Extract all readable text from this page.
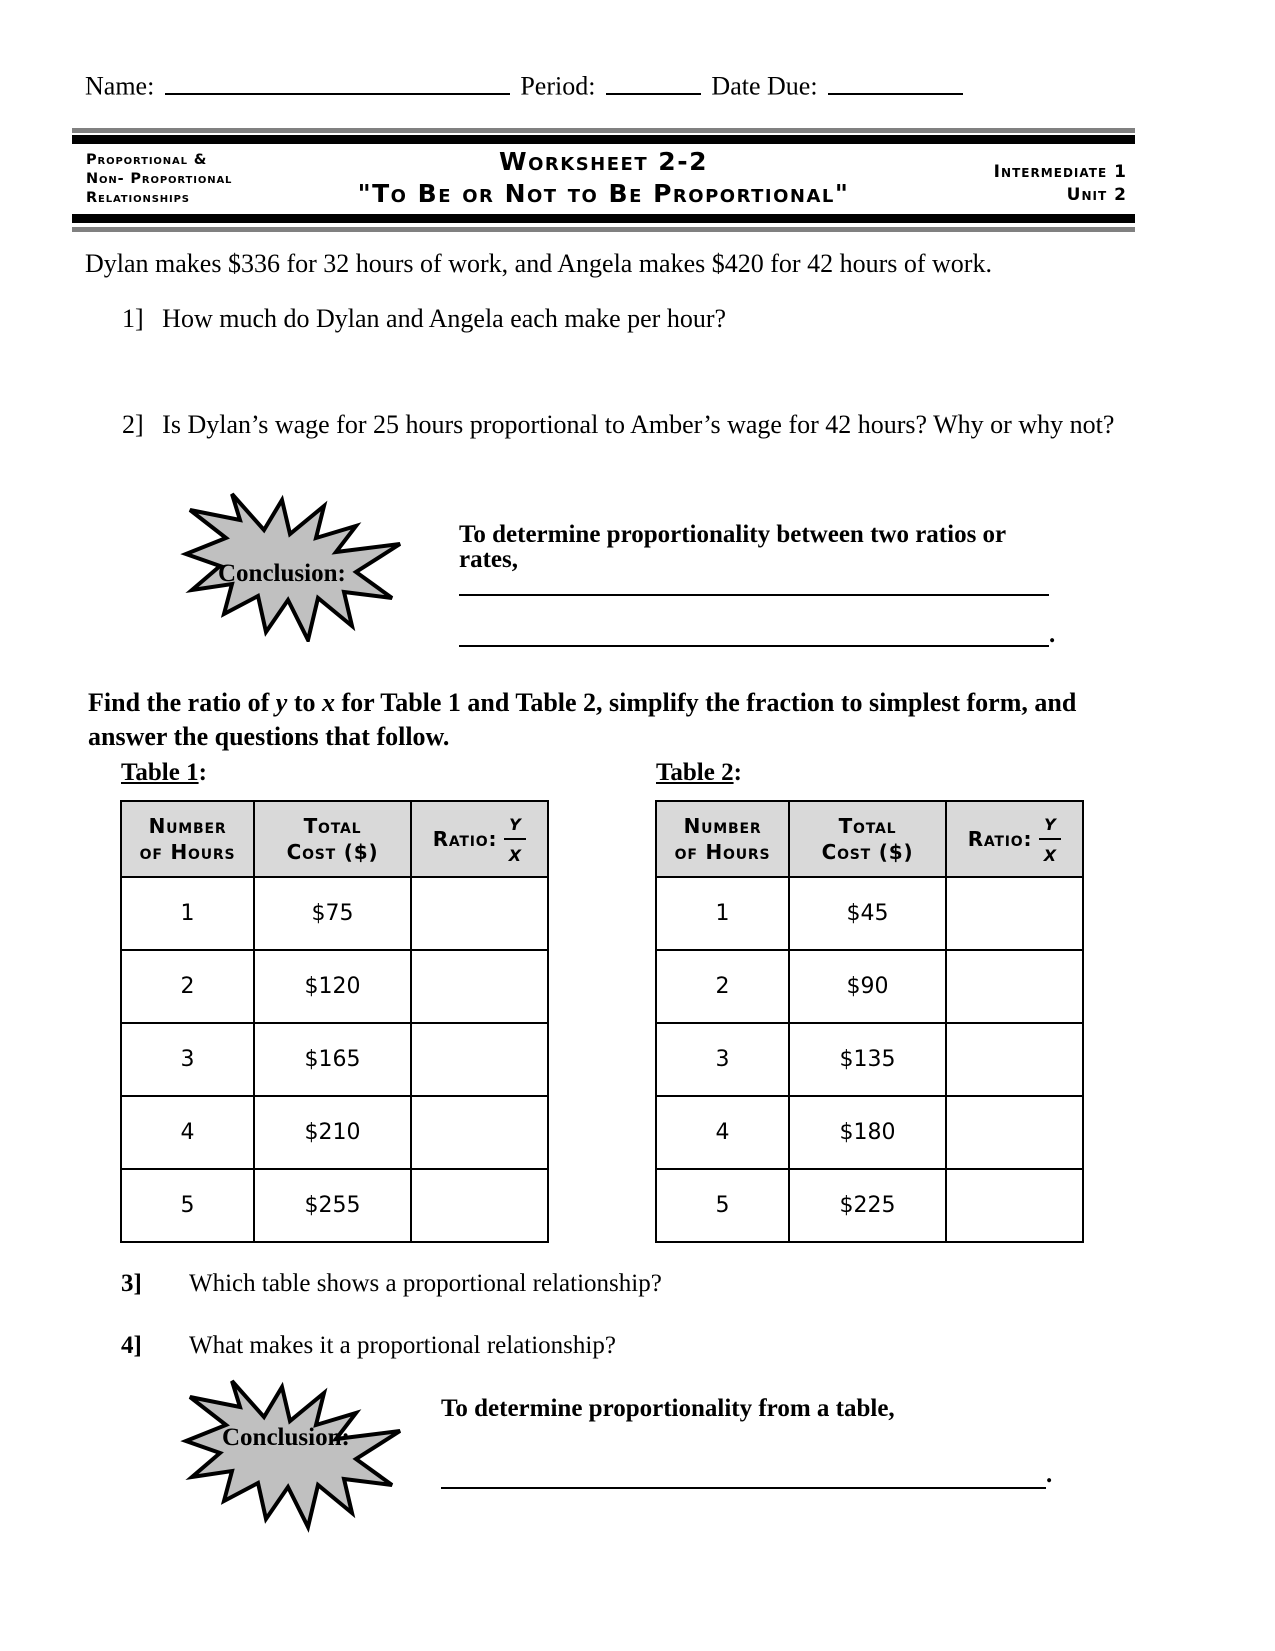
Name:	Period:	Date Due:
Proportional &
Non- Proportional
Relationships
Worksheet 2-2
"To Be or Not to Be Proportional"
Intermediate 1
Unit 2
Dylan makes $336 for 32 hours of work, and Angela makes $420 for 42 hours of work.
1] How much do Dylan and Angela each make per hour?
2] Is Dylan’s wage for 25 hours proportional to Amber’s wage for 42 hours? Why or why not?
Conclusion:
To determine proportionality between two ratios or rates,
.
Find the ratio of y to x for Table 1 and Table 2, simplify the fraction to simplest form, and answer the questions that follow.
Table 1:
Number
of Hours

Total
Cost ($)

Ratio: $\frac{y}{x}$

1	$75	
2	$120	
3	$165	
4	$210	
5	$255	
Table 2:
Number
of Hours

Total
Cost ($)

Ratio: $\frac{y}{x}$

1	$45	
2	$90	
3	$135	
4	$180	
5	$225	
3] Which table shows a proportional relationship?
4] What makes it a proportional relationship?
Conclusion:
To determine proportionality from a table,
.
